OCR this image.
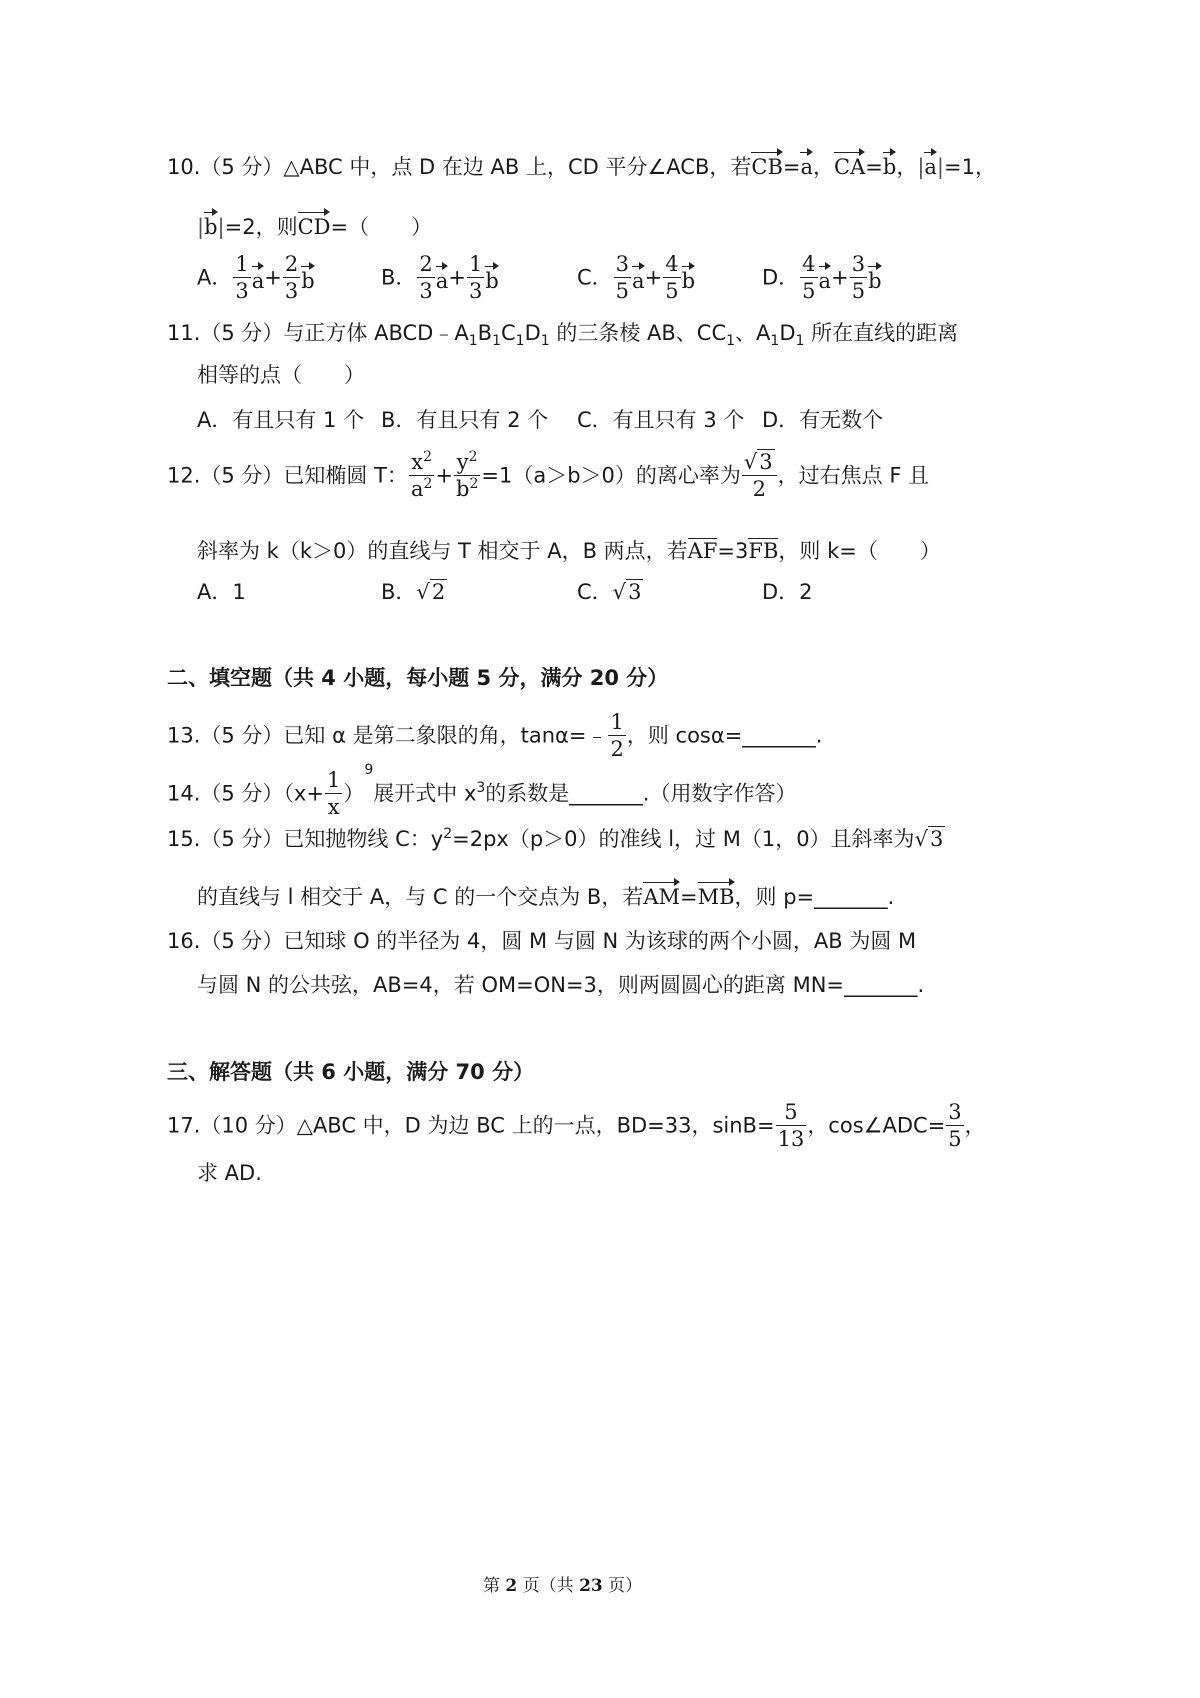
10.（5 分）△ABC 中，点 D 在边 AB 上，CD 平分∠ACB，若CB=a，CA=b，|a|=1，
|b|=2，则CD=（　　）
A． $\frac{1}{3} a+ \frac{2}{3}$ b	B． $\frac{2}{3} a+ \frac{1}{3}$ b	C． $\frac{3}{5} a+ \frac{4}{5}$ b	D． $\frac{4}{5} a+ \frac{3}{5}$ b
11.（5 分）与正方体 $ABCD﹣A_1B_1C_1D_1$ 的三条棱 AB、$CC_1$、$A_1D_1$ 所在直线的距离
相等的点（　　）
A．有且只有 1 个 B．有且只有 2 个 C．有且只有 3 个 D．有无数个
12.（5 分）已知椭圆 T： $\frac{x^2}{a^2} + \frac{y^2}{b^2} =1(a>b>0)$的离心率为 $\frac{√3}{2}$ ，过右焦点 F 且
斜率为 k（k＞0）的直线与 T 相交于 A，B 两点，若AF=3FB，则 k=（　　）
A．1	B．√2	C．√3	D．2
二、填空题（共 4 小题，每小题 5 分，满分 20 分）
13.（5 分）已知 α 是第二象限的角，tanα=﹣ $\frac{1}{2}$ ，则 cosα=_______.
14.（5 分）$(x+ \frac{1}{x} )^9$展开式中 $x^3$的系数是_______.（用数字作答）
15.（5 分）已知抛物线 C：$y^2=2px(p>0)$的准线 l，过 M（1，0）且斜率为√3
的直线与 l 相交于 A，与 C 的一个交点为 B，若AM=MB，则 p=_______.
16.（5 分）已知球 O 的半径为 4，圆 M 与圆 N 为该球的两个小圆，AB 为圆 M
与圆 N 的公共弦，AB=4，若 OM=ON=3，则两圆圆心的距离 MN=_______.
三、解答题（共 6 小题，满分 70 分）
17.（10 分）△ABC 中，D 为边 BC 上的一点，BD=33，$\sin B= \frac{5}{13}$ ，cos∠ADC= $\frac{3}{5}$ ，
求 AD.
第 2 页（共 23 页）
